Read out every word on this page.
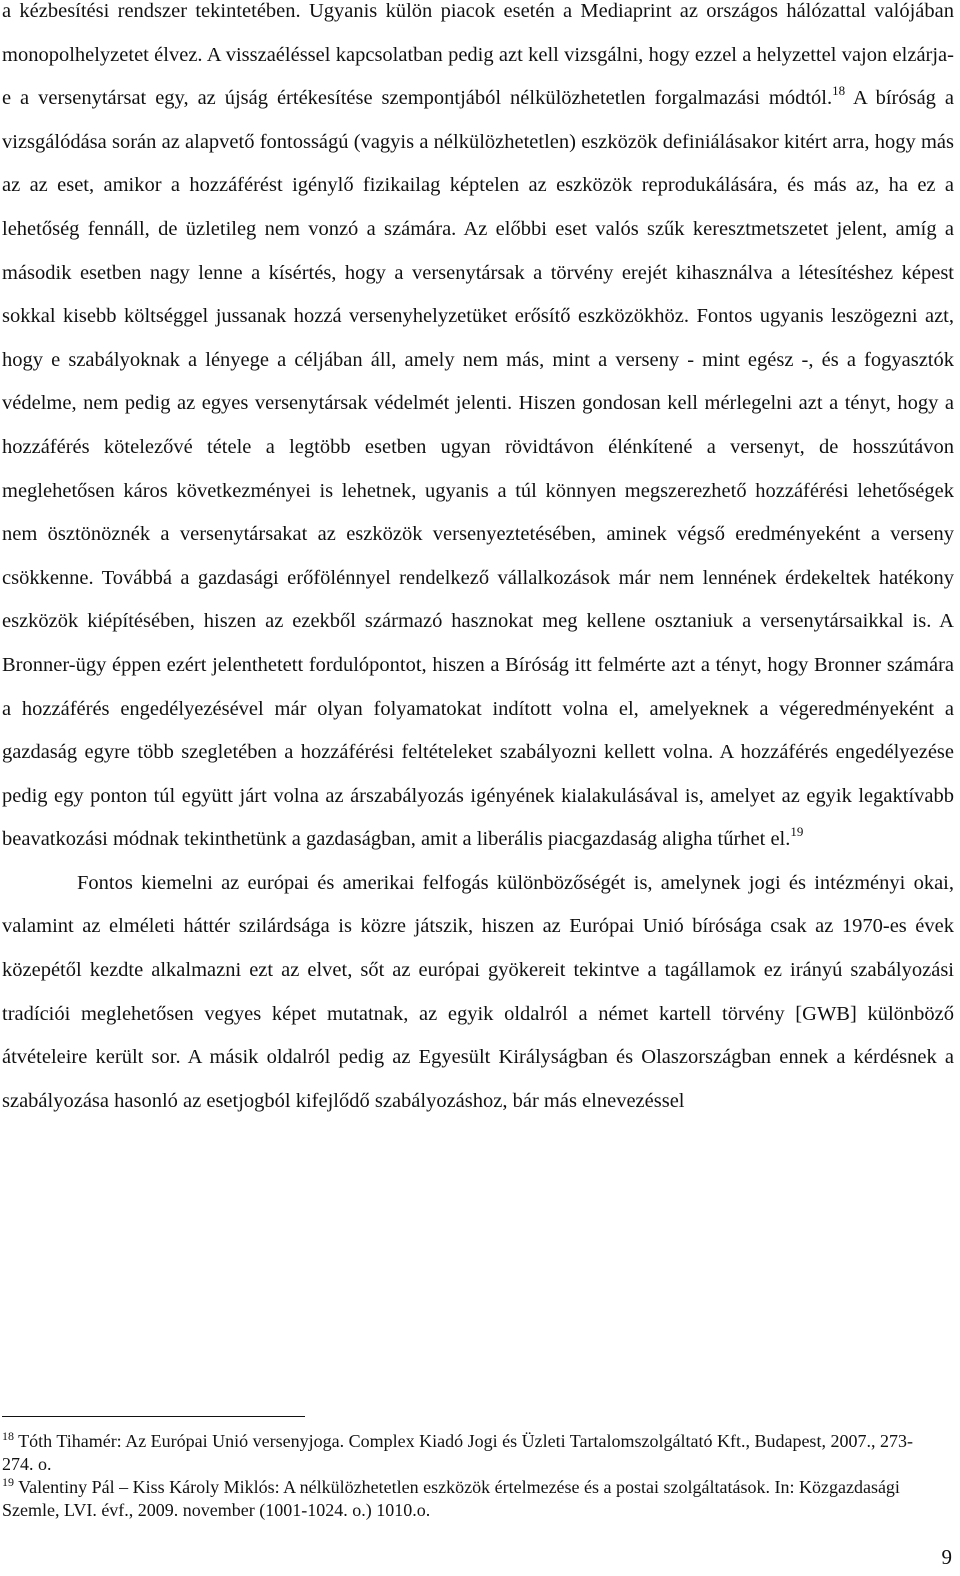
a kézbesítési rendszer tekintetében. Ugyanis külön piacok esetén a Mediaprint az országos hálózattal valójában monopolhelyzetet élvez. A visszaéléssel kapcsolatban pedig azt kell vizsgálni, hogy ezzel a helyzettel vajon elzárja-e a versenytársat egy, az újság értékesítése szempontjából nélkülözhetetlen forgalmazási módtól.$^{18}$ A bíróság a vizsgálódása során az alapvető fontosságú (vagyis a nélkülözhetetlen) eszközök definiálásakor kitért arra, hogy más az az eset, amikor a hozzáférést igénylő fizikailag képtelen az eszközök reprodukálására, és más az, ha ez a lehetőség fennáll, de üzletileg nem vonzó a számára. Az előbbi eset valós szűk keresztmetszetet jelent, amíg a második esetben nagy lenne a kísértés, hogy a versenytársak a törvény erejét kihasználva a létesítéshez képest sokkal kisebb költséggel jussanak hozzá versenyhelyzetüket erősítő eszközökhöz. Fontos ugyanis leszögezni azt, hogy e szabályoknak a lényege a céljában áll, amely nem más, mint a verseny - mint egész -, és a fogyasztók védelme, nem pedig az egyes versenytársak védelmét jelenti. Hiszen gondosan kell mérlegelni azt a tényt, hogy a hozzáférés kötelezővé tétele a legtöbb esetben ugyan rövidtávon élénkítené a versenyt, de hosszútávon meglehetősen káros következményei is lehetnek, ugyanis a túl könnyen megszerezhető hozzáférési lehetőségek nem ösztönöznék a versenytársakat az eszközök versenyeztetésében, aminek végső eredményeként a verseny csökkenne. Továbbá a gazdasági erőfölénnyel rendelkező vállalkozások már nem lennének érdekeltek hatékony eszközök kiépítésében, hiszen az ezekből származó hasznokat meg kellene osztaniuk a versenytársaikkal is. A Bronner-ügy éppen ezért jelenthetett fordulópontot, hiszen a Bíróság itt felmérte azt a tényt, hogy Bronner számára a hozzáférés engedélyezésével már olyan folyamatokat indított volna el, amelyeknek a végeredményeként a gazdaság egyre több szegletében a hozzáférési feltételeket szabályozni kellett volna. A hozzáférés engedélyezése pedig egy ponton túl együtt járt volna az árszabályozás igényének kialakulásával is, amelyet az egyik legaktívabb beavatkozási módnak tekinthetünk a gazdaságban, amit a liberális piacgazdaság aligha tűrhet el.$^{19}$

Fontos kiemelni az európai és amerikai felfogás különbözőségét is, amelynek jogi és intézményi okai, valamint az elméleti háttér szilárdsága is közre játszik, hiszen az Európai Unió bírósága csak az 1970-es évek közepétől kezdte alkalmazni ezt az elvet, sőt az európai gyökereit tekintve a tagállamok ez irányú szabályozási tradíciói meglehetősen vegyes képet mutatnak, az egyik oldalról a német kartell törvény [GWB] különböző átvételeire került sor. A másik oldalról pedig az Egyesült Királyságban és Olaszországban ennek a kérdésnek a szabályozása hasonló az esetjogból kifejlődő szabályozáshoz, bár más elnevezéssel

$^{18}$ Tóth Tihamér: Az Európai Unió versenyjoga. Complex Kiadó Jogi és Üzleti Tartalomszolgáltató Kft., Budapest, 2007., 273-274. o.

$^{19}$ Valentiny Pál – Kiss Károly Miklós: A nélkülözhetetlen eszközök értelmezése és a postai szolgáltatások. In: Közgazdasági Szemle, LVI. évf., 2009. november (1001-1024. o.) 1010.o.

9
